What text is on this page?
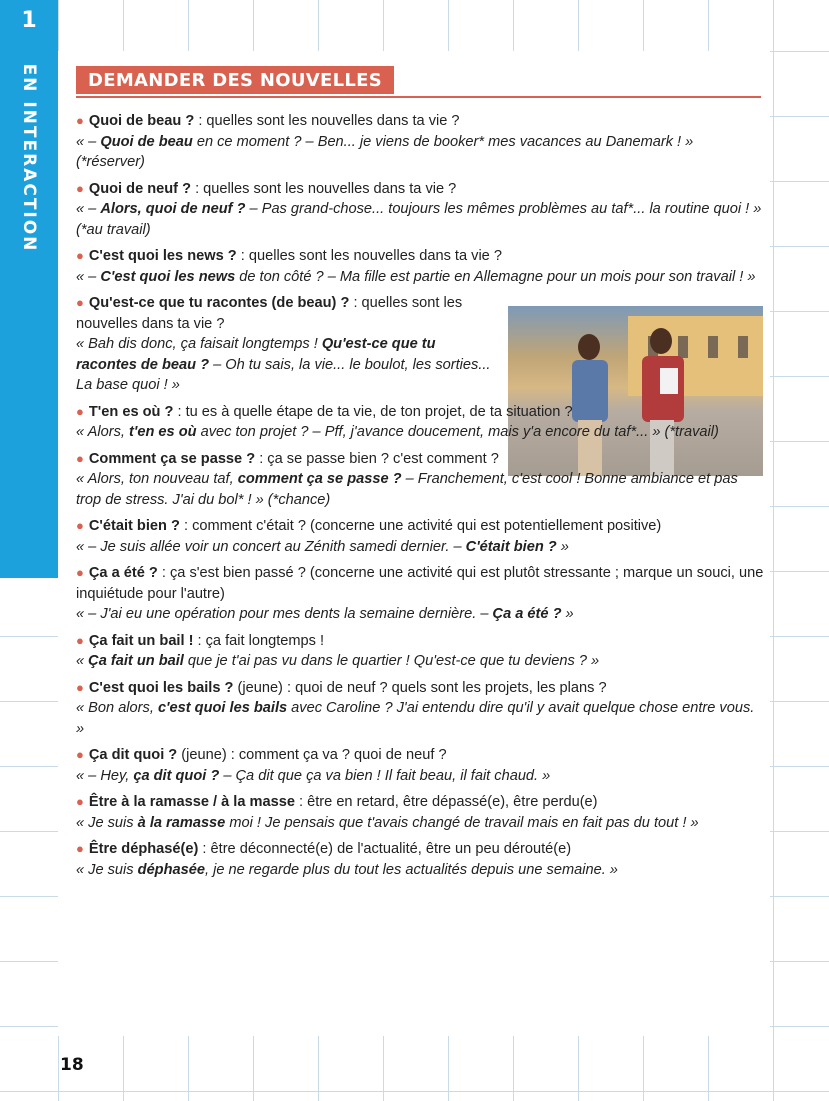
1
EN INTERACTION	DEMANDER DES NOUVELLES

● Quoi de beau ? : quelles sont les nouvelles dans ta vie ?

« – Quoi de beau en ce moment ? – Ben... je viens de booker* mes vacances au Danemark ! » (*réserver)

● Quoi de neuf ? : quelles sont les nouvelles dans ta vie ?

« – Alors, quoi de neuf ? – Pas grand-chose... toujours les mêmes problèmes au taf*... la routine quoi ! » (*au travail)

● C'est quoi les news ? : quelles sont les nouvelles dans ta vie ?

« – C'est quoi les news de ton côté ? – Ma fille est partie en Allemagne pour un mois pour son travail ! »

● Qu'est-ce que tu racontes (de beau) ? : quelles sont les nouvelles dans ta vie ?

« Bah dis donc, ça faisait longtemps ! Qu'est-ce que tu racontes de beau ? – Oh tu sais, la vie... le boulot, les sorties... La base quoi ! »

● T'en es où ? : tu es à quelle étape de ta vie, de ton projet, de ta situation ?

« Alors, t'en es où avec ton projet ? – Pff, j'avance doucement, mais y'a encore du taf*... » (*travail)

● Comment ça se passe ? : ça se passe bien ? c'est comment ?

« Alors, ton nouveau taf, comment ça se passe ? – Franchement, c'est cool ! Bonne ambiance et pas trop de stress. J'ai du bol* ! » (*chance)

● C'était bien ? : comment c'était ? (concerne une activité qui est potentiellement positive)

« – Je suis allée voir un concert au Zénith samedi dernier. – C'était bien ? »

● Ça a été ? : ça s'est bien passé ? (concerne une activité qui est plutôt stressante ; marque un souci, une inquiétude pour l'autre)

« – J'ai eu une opération pour mes dents la semaine dernière. – Ça a été ? »

● Ça fait un bail ! : ça fait longtemps !

« Ça fait un bail que je t'ai pas vu dans le quartier ! Qu'est-ce que tu deviens ? »

● C'est quoi les bails ? (jeune) : quoi de neuf ? quels sont les projets, les plans ?

« Bon alors, c'est quoi les bails avec Caroline ? J'ai entendu dire qu'il y avait quelque chose entre vous. »

● Ça dit quoi ? (jeune) : comment ça va ? quoi de neuf ?

« – Hey, ça dit quoi ? – Ça dit que ça va bien ! Il fait beau, il fait chaud. »

● Être à la ramasse / à la masse : être en retard, être dépassé(e), être perdu(e)

« Je suis à la ramasse moi ! Je pensais que t'avais changé de travail mais en fait pas du tout ! »

● Être déphasé(e) : être déconnecté(e) de l'actualité, être un peu dérouté(e)

« Je suis déphasée, je ne regarde plus du tout les actualités depuis une semaine. »

18
